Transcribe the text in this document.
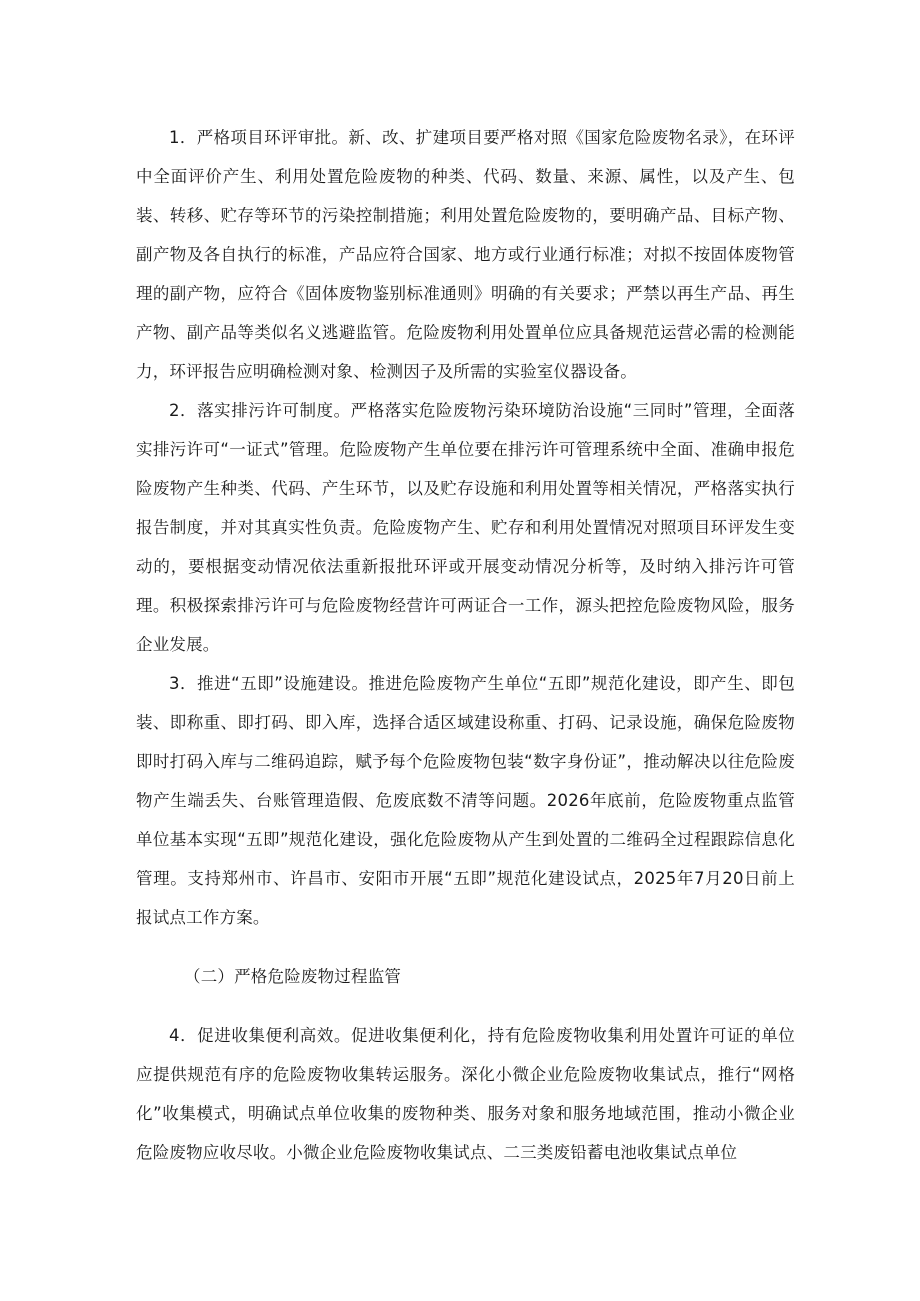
1．严格项目环评审批。新、改、扩建项目要严格对照《国家危险废物名录》，在环评中全面评价产生、利用处置危险废物的种类、代码、数量、来源、属性，以及产生、包装、转移、贮存等环节的污染控制措施；利用处置危险废物的，要明确产品、目标产物、副产物及各自执行的标准，产品应符合国家、地方或行业通行标准；对拟不按固体废物管理的副产物，应符合《固体废物鉴别标准通则》明确的有关要求；严禁以再生产品、再生产物、副产品等类似名义逃避监管。危险废物利用处置单位应具备规范运营必需的检测能力，环评报告应明确检测对象、检测因子及所需的实验室仪器设备。

2．落实排污许可制度。严格落实危险废物污染环境防治设施“三同时”管理，全面落实排污许可“一证式”管理。危险废物产生单位要在排污许可管理系统中全面、准确申报危险废物产生种类、代码、产生环节，以及贮存设施和利用处置等相关情况，严格落实执行报告制度，并对其真实性负责。危险废物产生、贮存和利用处置情况对照项目环评发生变动的，要根据变动情况依法重新报批环评或开展变动情况分析等，及时纳入排污许可管理。积极探索排污许可与危险废物经营许可两证合一工作，源头把控危险废物风险，服务企业发展。

3．推进“五即”设施建设。推进危险废物产生单位“五即”规范化建设，即产生、即包装、即称重、即打码、即入库，选择合适区域建设称重、打码、记录设施，确保危险废物即时打码入库与二维码追踪，赋予每个危险废物包装“数字身份证”，推动解决以往危险废物产生端丢失、台账管理造假、危废底数不清等问题。2026年底前，危险废物重点监管单位基本实现“五即”规范化建设，强化危险废物从产生到处置的二维码全过程跟踪信息化管理。支持郑州市、许昌市、安阳市开展“五即”规范化建设试点，2025年7月20日前上报试点工作方案。

（二）严格危险废物过程监管

4．促进收集便利高效。促进收集便利化，持有危险废物收集利用处置许可证的单位应提供规范有序的危险废物收集转运服务。深化小微企业危险废物收集试点，推行“网格化”收集模式，明确试点单位收集的废物种类、服务对象和服务地域范围，推动小微企业危险废物应收尽收。小微企业危险废物收集试点、二三类废铅蓄电池收集试点单位
